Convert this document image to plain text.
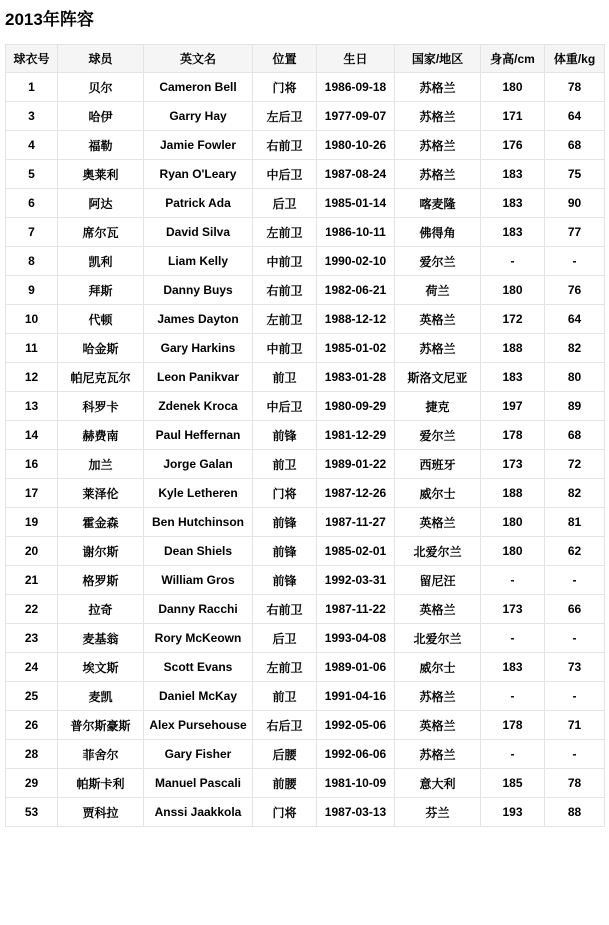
2013年阵容
球衣号	球员	英文名	位置	生日	国家/地区	身高/cm	体重/kg
1	贝尔	Cameron Bell	门将	1986-09-18	苏格兰	180	78
3	哈伊	Garry Hay	左后卫	1977-09-07	苏格兰	171	64
4	福勒	Jamie Fowler	右前卫	1980-10-26	苏格兰	176	68
5	奥莱利	Ryan O'Leary	中后卫	1987-08-24	苏格兰	183	75
6	阿达	Patrick Ada	后卫	1985-01-14	喀麦隆	183	90
7	席尔瓦	David Silva	左前卫	1986-10-11	佛得角	183	77
8	凯利	Liam Kelly	中前卫	1990-02-10	爱尔兰	-	-
9	拜斯	Danny Buys	右前卫	1982-06-21	荷兰	180	76
10	代顿	James Dayton	左前卫	1988-12-12	英格兰	172	64
11	哈金斯	Gary Harkins	中前卫	1985-01-02	苏格兰	188	82
12	帕尼克瓦尔	Leon Panikvar	前卫	1983-01-28	斯洛文尼亚	183	80
13	科罗卡	Zdenek Kroca	中后卫	1980-09-29	捷克	197	89
14	赫费南	Paul Heffernan	前锋	1981-12-29	爱尔兰	178	68
16	加兰	Jorge Galan	前卫	1989-01-22	西班牙	173	72
17	莱泽伦	Kyle Letheren	门将	1987-12-26	威尔士	188	82
19	霍金森	Ben Hutchinson	前锋	1987-11-27	英格兰	180	81
20	谢尔斯	Dean Shiels	前锋	1985-02-01	北爱尔兰	180	62
21	格罗斯	William Gros	前锋	1992-03-31	留尼汪	-	-
22	拉奇	Danny Racchi	右前卫	1987-11-22	英格兰	173	66
23	麦基翁	Rory McKeown	后卫	1993-04-08	北爱尔兰	-	-
24	埃文斯	Scott Evans	左前卫	1989-01-06	威尔士	183	73
25	麦凯	Daniel McKay	前卫	1991-04-16	苏格兰	-	-
26	普尔斯豪斯	Alex Pursehouse	右后卫	1992-05-06	英格兰	178	71
28	菲舍尔	Gary Fisher	后腰	1992-06-06	苏格兰	-	-
29	帕斯卡利	Manuel Pascali	前腰	1981-10-09	意大利	185	78
53	贾科拉	Anssi Jaakkola	门将	1987-03-13	芬兰	193	88
